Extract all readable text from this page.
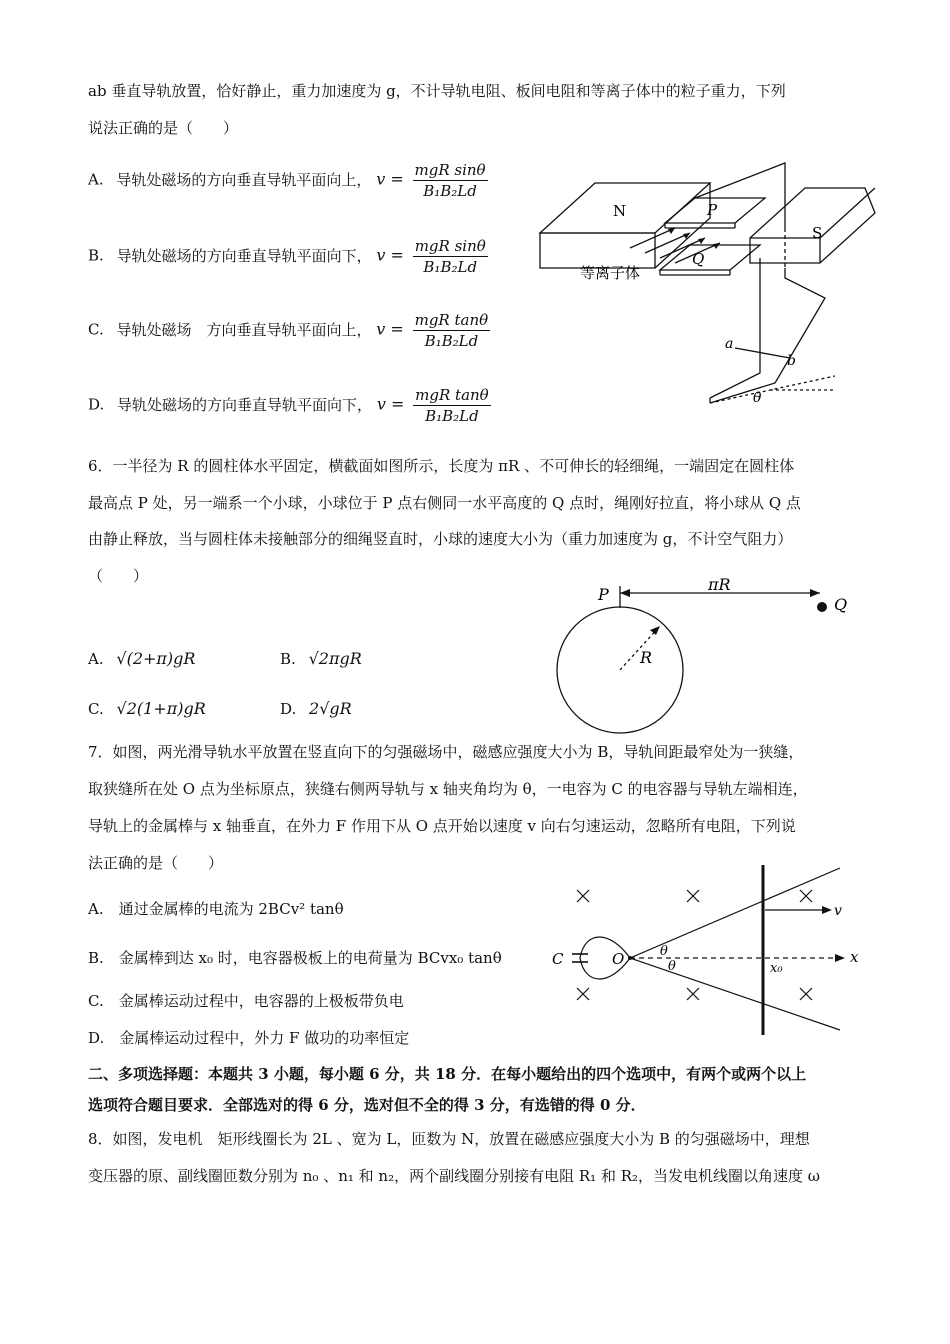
ab 垂直导轨放置，恰好静止，重力加速度为 g，不计导轨电阻、板间电阻和等离子体中的粒子重力，下列
说法正确的是（　　）
A. 导轨处磁场的方向垂直导轨平面向上， $v = \frac{\text{mgR sinθ}}{\text{B₁B₂Ld}}$
B. 导轨处磁场的方向垂直导轨平面向下， $v = \frac{\text{mgR sinθ}}{\text{B₁B₂Ld}}$
C. 导轨处磁场　方向垂直导轨平面向上， $v = \frac{\text{mgR tanθ}}{\text{B₁B₂Ld}}$
D. 导轨处磁场的方向垂直导轨平面向下， $v = \frac{\text{mgR tanθ}}{\text{B₁B₂Ld}}$
N	P
Q
S
等离子体
a
b
θ
6．一半径为 R 的圆柱体水平固定，横截面如图所示，长度为 πR 、不可伸长的轻细绳，一端固定在圆柱体
最高点 P 处，另一端系一个小球，小球位于 P 点右侧同一水平高度的 Q 点时，绳刚好拉直，将小球从 Q 点
由静止释放，当与圆柱体未接触部分的细绳竖直时，小球的速度大小为（重力加速度为 g，不计空气阻力）
（　　）
A. √(2+π)gR	B. √2πgR
C. √2(1+π)gR	D. 2√gR
P
πR
Q
R
7．如图，两光滑导轨水平放置在竖直向下的匀强磁场中，磁感应强度大小为 B，导轨间距最窄处为一狭缝，
取狭缝所在处 O 点为坐标原点，狭缝右侧两导轨与 x 轴夹角均为 θ，一电容为 C 的电容器与导轨左端相连，
导轨上的金属棒与 x 轴垂直，在外力 F 作用下从 O 点开始以速度 v 向右匀速运动，忽略所有电阻，下列说
法正确的是（　　）
A.　通过金属棒的电流为 2BCv² tanθ
B.　金属棒到达 x₀ 时，电容器极板上的电荷量为 BCvx₀ tanθ
C.　金属棒运动过程中，电容器的上极板带负电
D.　金属棒运动过程中，外力 F 做功的功率恒定
C	O	θ
θ
x
v
x₀
二、多项选择题：本题共 3 小题，每小题 6 分，共 18 分．在每小题给出的四个选项中，有两个或两个以上
选项符合题目要求．全部选对的得 6 分，选对但不全的得 3 分，有选错的得 0 分．
8．如图，发电机　矩形线圈长为 2L 、宽为 L，匝数为 N，放置在磁感应强度大小为 B 的匀强磁场中，理想
变压器的原、副线圈匝数分别为 n₀ 、n₁ 和 n₂，两个副线圈分别接有电阻 R₁ 和 R₂，当发电机线圈以角速度 ω
